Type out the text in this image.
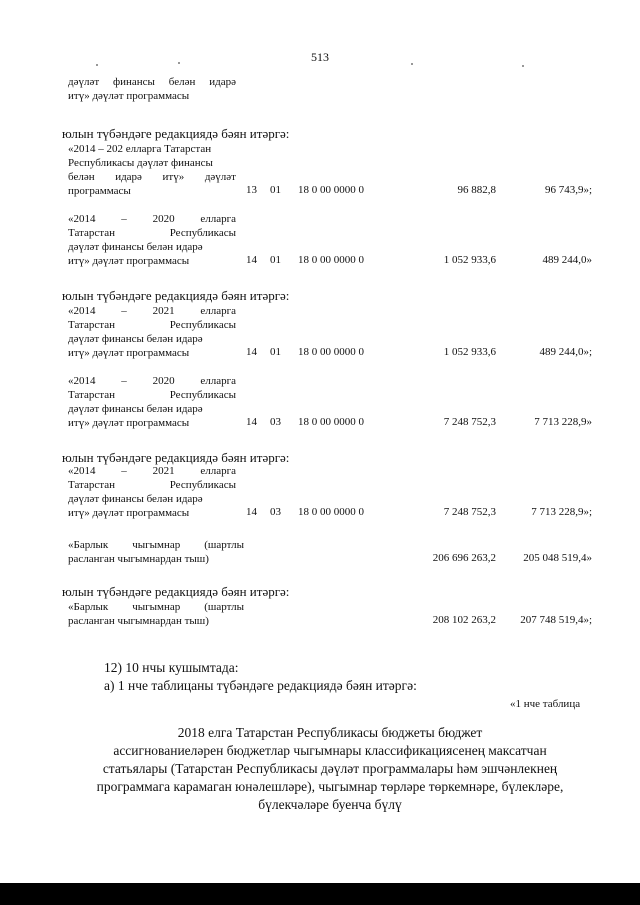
513
дәүләт финансы белән идарә
итү» дәүләт программасы
юлын түбәндәге редакциядә бәян итәргә:
«2014 – 202 елларга Татарстан
Республикасы дәүләт финансы
белән идарә итү» дәүләт
программасы	13 01 18 0 00 0000 0	96 882,8	96 743,9»;
«2014 – 2020 елларга
Татарстан Республикасы
дәүләт финансы белән идарә
итү» дәүләт программасы	14 01 18 0 00 0000 0	1 052 933,6	489 244,0»
юлын түбәндәге редакциядә бәян итәргә:
«2014 – 2021 елларга
Татарстан Республикасы
дәүләт финансы белән идарә
итү» дәүләт программасы	14 01 18 0 00 0000 0	1 052 933,6	489 244,0»;
«2014 – 2020 елларга
Татарстан Республикасы
дәүләт финансы белән идарә
итү» дәүләт программасы	14 03 18 0 00 0000 0	7 248 752,3	7 713 228,9»
юлын түбәндәге редакциядә бәян итәргә:
«2014 – 2021 елларга
Татарстан Республикасы
дәүләт финансы белән идарә
итү» дәүләт программасы	14 03 18 0 00 0000 0	7 248 752,3	7 713 228,9»;
«Барлык чыгымнар (шартлы
расланган чыгымнардан тыш)	206 696 263,2	205 048 519,4»
юлын түбәндәге редакциядә бәян итәргә:
«Барлык чыгымнар (шартлы
расланган чыгымнардан тыш)	208 102 263,2	207 748 519,4»;
12) 10 нчы кушымтада:
а) 1 нче таблицаны түбәндәге редакциядә бәян итәргә:
«1 нче таблица
2018 елга Татарстан Республикасы бюджеты бюджет
ассигнованиеләрен бюджетлар чыгымнары классификациясенең максатчан
статьялары (Татарстан Республикасы дәүләт программалары һәм эшчәнлекнең
программага карамаган юнәлешләре), чыгымнар төрләре төркемнәре, бүлекләре,
бүлекчәләре буенча бүлү
